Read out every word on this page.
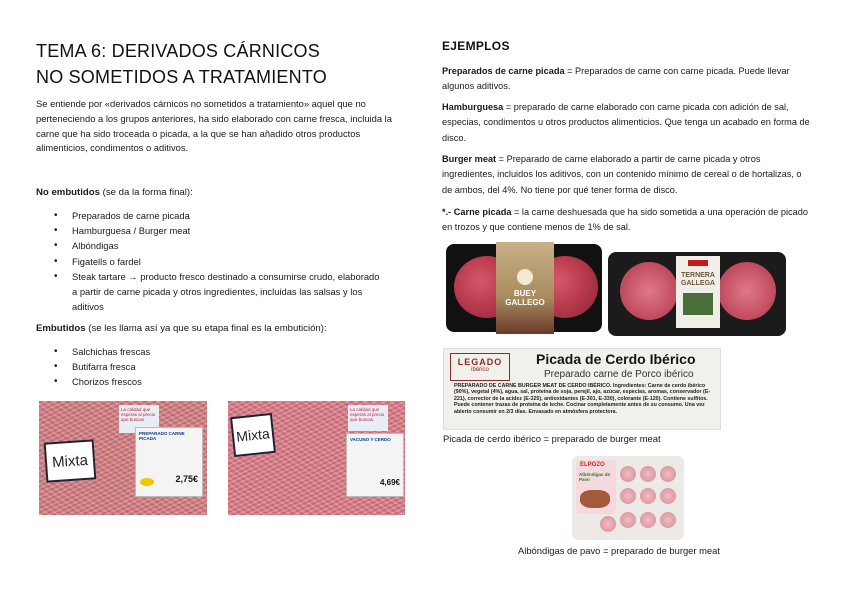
TEMA 6: DERIVADOS CÁRNICOS
NO SOMETIDOS A TRATAMIENTO
Se entiende por «derivados cárnicos no sometidos a tratamiento» aquel que no perteneciendo a los grupos anteriores, ha sido elaborado con carne fresca, incluida la carne que ha sido troceada o picada, a la que se han añadido otros productos alimenticios, condimentos o aditivos.
No embutidos (se da la forma final):
• Preparados de carne picada
• Hamburguesa / Burger meat
• Albóndigas
• Figatells o fardel
• Steak tartare → producto fresco destinado a consumirse crudo, elaborado a partir de carne picada y otros ingredientes, incluidas las salsas y los aditivos
Embutidos (se les llama así ya que su etapa final es la embutición):
• Salchichas frescas
• Butifarra fresca
• Chorizos frescos
La calidad que esperas al precio que buscas
Mixta
PREPARADO CARNE PICADA
2,75€
La calidad que esperas al precio que buscas
Mixta	VACUNO Y CERDO
4,69€
EJEMPLOS
Preparados de carne picada = Preparados de carne con carne picada. Puede llevar algunos aditivos.
Hamburguesa = preparado de carne elaborado con carne picada con adición de sal, especias, condimentos u otros productos alimenticios. Que tenga un acabado en forma de disco.
Burger meat = Preparado de carne elaborado a partir de carne picada y otros ingredientes, incluidos los aditivos, con un contenido mínimo de cereal o de hortalizas, o de ambos, del 4%. No tiene por qué tener forma de disco.
*.- Carne picada = la carne deshuesada que ha sido sometida a una operación de picado en trozos y que contiene menos de 1% de sal.
BUEY GALLEGO
TERNERA GALLEGA
LEGADO
ibérico
Picada de Cerdo Ibérico
Preparado carne de Porco ibérico
PREPARADO DE CARNE BURGER MEAT DE CERDO IBÉRICO. Ingredientes: Carne de cerdo ibérico (90%), vegetal (4%), agua, sal, proteína de soja, perejil, ajo, azúcar, especias, aromas, conservador (E-221), corrector de la acidez (E-325), antioxidantes (E-301, E-330), colorante (E-120). Contiene sulfitos. Puede contener trazas de proteína de leche. Cocinar completamente antes de su consumo. Una vez abierto consumir en 2/3 días. Envasado en atmósfera protectora.
Picada de cerdo ibérico = preparado de burger meat
ELPOZO
Albóndigas de Pavo
Albóndigas de pavo = preparado de burger meat
